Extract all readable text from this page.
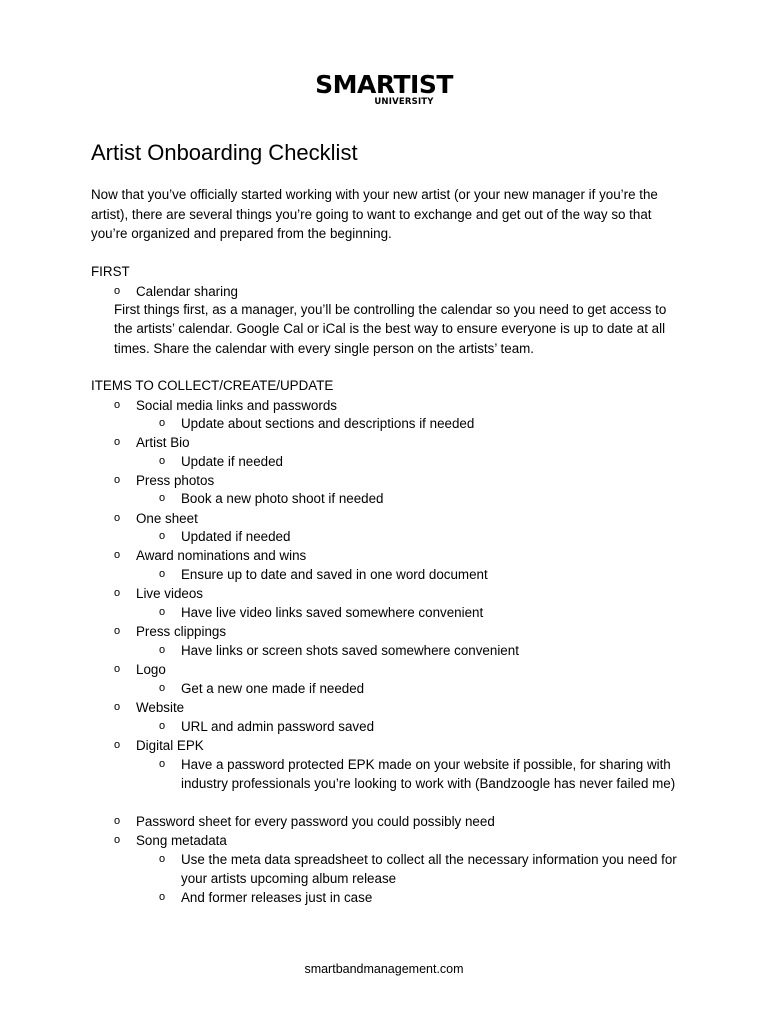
SMARTIST
UNIVERSITY
Artist Onboarding Checklist

Now that you’ve officially started working with your new artist (or your new manager if you’re the artist), there are several things you’re going to want to exchange and get out of the way so that you’re organized and prepared from the beginning.

FIRST
o Calendar sharing

First things first, as a manager, you’ll be controlling the calendar so you need to get access to the artists’ calendar. Google Cal or iCal is the best way to ensure everyone is up to date at all times. Share the calendar with every single person on the artists’ team.

ITEMS TO COLLECT/CREATE/UPDATE
o Social media links and passwords
o Update about sections and descriptions if needed
o Artist Bio
o Update if needed
o Press photos
o Book a new photo shoot if needed
o One sheet
o Updated if needed
o Award nominations and wins
o Ensure up to date and saved in one word document
o Live videos
o Have live video links saved somewhere convenient
o Press clippings
o Have links or screen shots saved somewhere convenient
o Logo
o Get a new one made if needed
o Website
o URL and admin password saved
o Digital EPK
o Have a password protected EPK made on your website if possible, for sharing with industry professionals you’re looking to work with (Bandzoogle has never failed me)
o Password sheet for every password you could possibly need
o Song metadata
o Use the meta data spreadsheet to collect all the necessary information you need for your artists upcoming album release
o And former releases just in case
smartbandmanagement.com
